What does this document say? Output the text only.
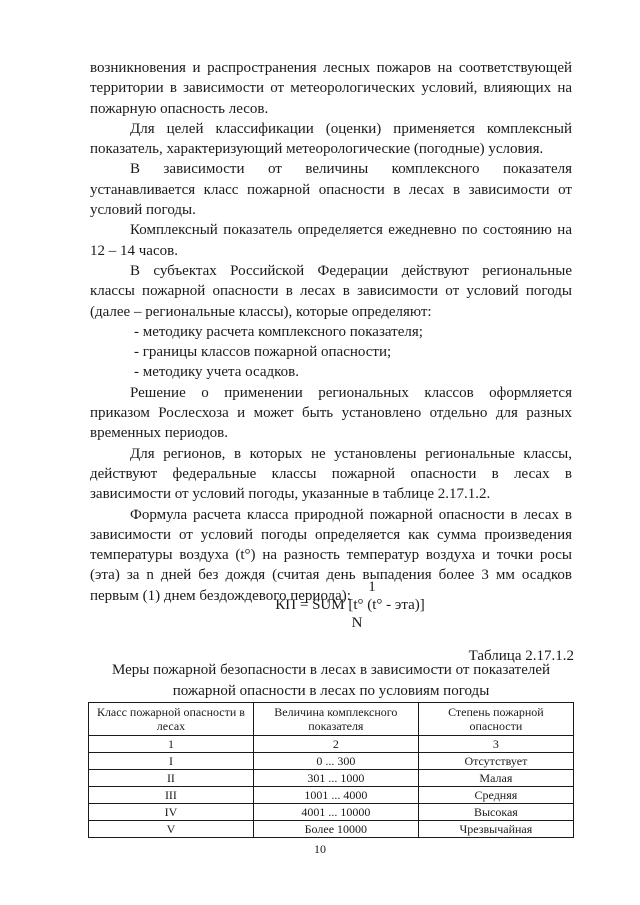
возникновения и распространения лесных пожаров на соответствующей территории в зависимости от метеорологических условий, влияющих на пожарную опасность лесов.

Для целей классификации (оценки) применяется комплексный показатель, характеризующий метеорологические (погодные) условия.

В зависимости от величины комплексного показателя устанавливается класс пожарной опасности в лесах в зависимости от условий погоды.

Комплексный показатель определяется ежедневно по состоянию на 12 – 14 часов.

В субъектах Российской Федерации действуют региональные классы пожарной опасности в лесах в зависимости от условий погоды (далее – региональные классы), которые определяют:

- методику расчета комплексного показателя;
- границы классов пожарной опасности;
- методику учета осадков.

Решение о применении региональных классов оформляется приказом Рослесхоза и может быть установлено отдельно для разных временных периодов.

Для регионов, в которых не установлены региональные классы, действуют федеральные классы пожарной опасности в лесах в зависимости от условий погоды, указанные в таблице 2.17.1.2.

Формула расчета класса природной пожарной опасности в лесах в зависимости от условий погоды определяется как сумма произведения температуры воздуха (t°) на разность температур воздуха и точки росы (эта) за n дней без дождя (считая день выпадения более 3 мм осадков первым (1) днем бездождевого периода):

1
КП = SUM [t° (t° - эта)]
N
Таблица 2.17.1.2
Меры пожарной безопасности в лесах в зависимости от показателей пожарной опасности в лесах по условиям погоды
Класс пожарной опасности в лесах	Величина комплексного показателя	Степень пожарной опасности
1	2	3
I	0 ... 300	Отсутствует
II	301 ... 1000	Малая
III	1001 ... 4000	Средняя
IV	4001 ... 10000	Высокая
V	Более 10000	Чрезвычайная
10
